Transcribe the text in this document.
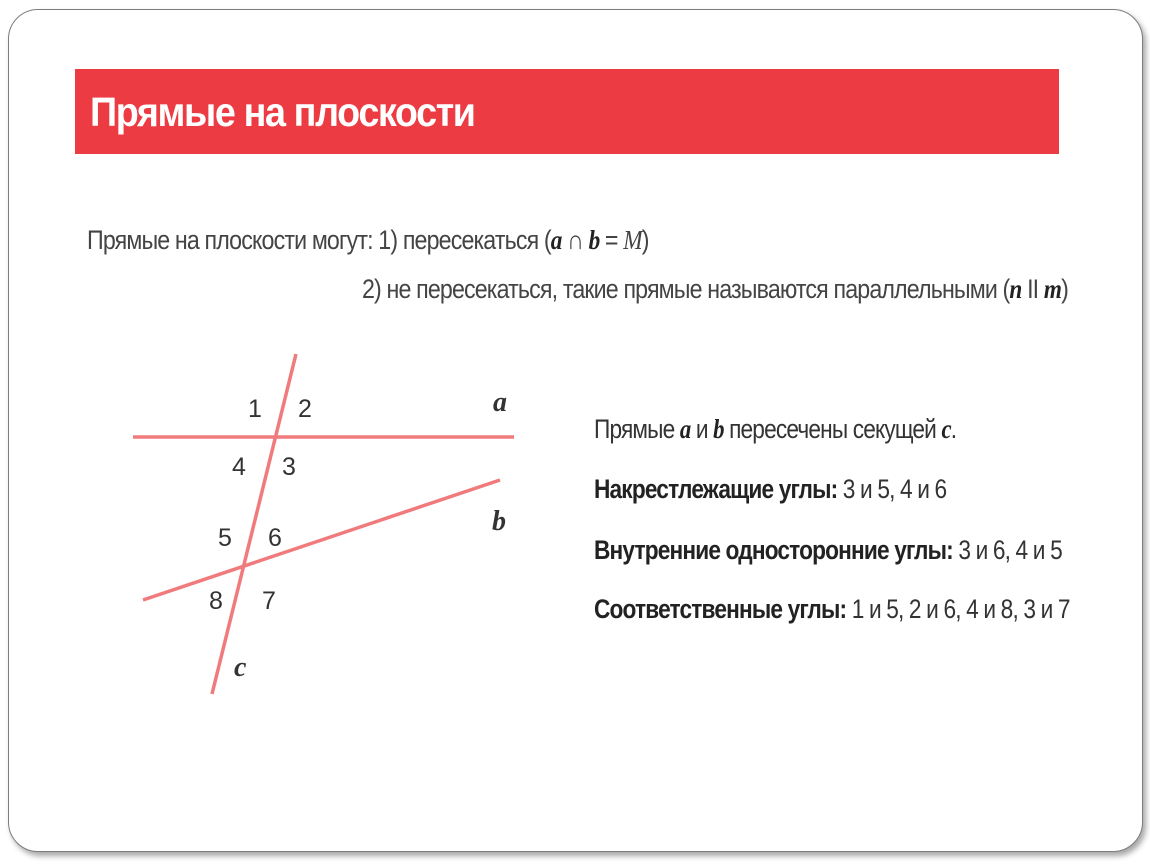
Прямые на плоскости
Прямые на плоскости могут: 1) пересекаться (a ∩ b = M)
2) не пересекаться, такие прямые называются параллельными (n II m)
1 2
3
4
5 6
7
8
a
b
c
Прямые a и b пересечены секущей c.
Накрестлежащие углы: 3 и 5, 4 и 6
Внутренние односторонние углы: 3 и 6, 4 и 5
Соответственные углы: 1 и 5, 2 и 6, 4 и 8, 3 и 7
